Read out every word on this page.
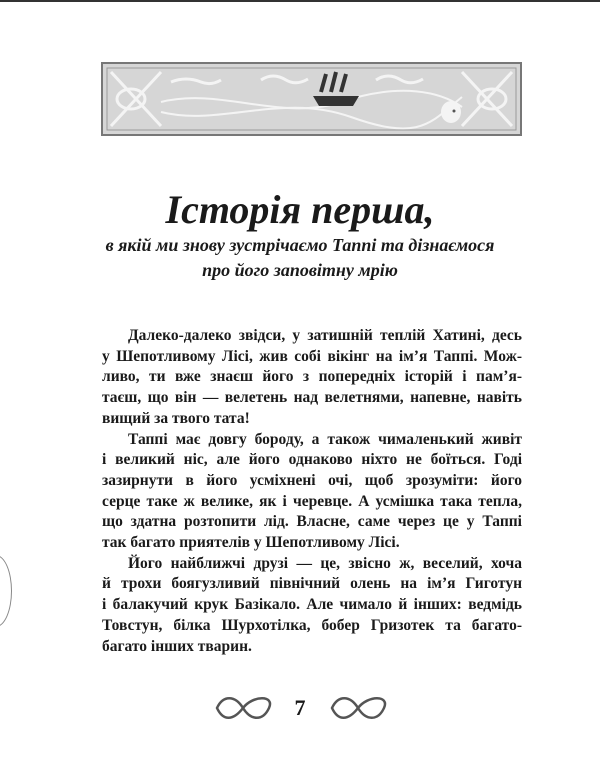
Історія перша,
в якій ми знову зустрічаємо Таппі та дізнаємося
про його заповітну мрію
Далеко-далеко звідси, у затишній теплій Хатині, десь
у Шепотливому Лісі, жив собі вікінг на ім’я Таппі. Мож-
ливо, ти вже знаєш його з попередніх історій і пам’я-
таєш, що він — велетень над велетнями, напевне, навіть
вищий за твого тата!
Таппі має довгу бороду, а також чималенький живіт
і великий ніс, але його однаково ніхто не боїться. Годі
зазирнути в його усміхнені очі, щоб зрозуміти: його
серце таке ж велике, як і черевце. А усмішка така тепла,
що здатна розтопити лід. Власне, саме через це у Таппі
так багато приятелів у Шепотливому Лісі.
Його найближчі друзі — це, звісно ж, веселий, хоча
й трохи боягузливий північний олень на ім’я Гиготун
і балакучий крук Базікало. Але чимало й інших: ведмідь
Товстун, білка Шурхотілка, бобер Гризотек та багато-
багато інших тварин.
7
